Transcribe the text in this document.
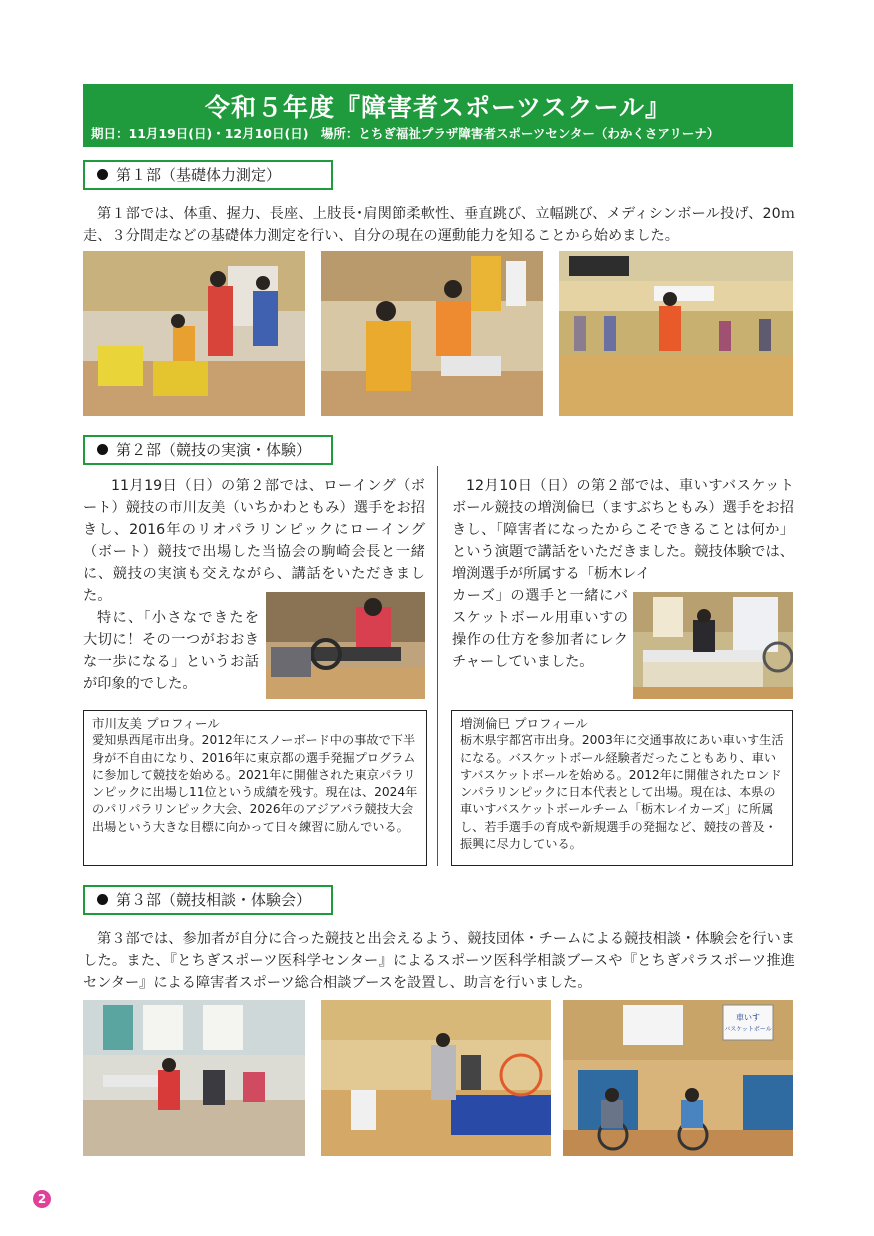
令和５年度『障害者スポーツスクール』
期日：11月19日(日)・12月10日(日)　場所：とちぎ福祉プラザ障害者スポーツセンター（わかくさアリーナ）
第１部（基礎体力測定）
第１部では、体重、握力、長座、上肢長･肩関節柔軟性、垂直跳び、立幅跳び、メディシンボール投げ、20ｍ走、３分間走などの基礎体力測定を行い、自分の現在の運動能力を知ることから始めました。
第２部（競技の実演・体験）
11月19日（日）の第２部では、ローイング（ボート）競技の市川友美（いちかわともみ）選手をお招きし、2016年のリオパラリンピックにローイング（ボート）競技で出場した当協会の駒崎会長と一緒に、競技の実演も交えながら、講話をいただきました。
特に、「小さなできたを大切に！その一つがおおきな一歩になる」というお話が印象的でした。
12月10日（日）の第２部では、車いすバスケットボール競技の増渕倫巳（ますぶちともみ）選手をお招きし、「障害者になったからこそできることは何か」という演題で講話をいただきました。競技体験では、増渕選手が所属する「栃木レイ
カーズ」の選手と一緒にバスケットボール用車いすの操作の仕方を参加者にレクチャーしていました。
市川友美 プロフィール
愛知県西尾市出身。2012年にスノーボード中の事故で下半身が不自由になり、2016年に東京都の選手発掘プログラムに参加して競技を始める。2021年に開催された東京パラリンピックに出場し11位という成績を残す。現在は、2024年のパリパラリンピック大会、2026年のアジアパラ競技大会出場という大きな目標に向かって日々練習に励んでいる。
増渕倫巳 プロフィール
栃木県宇都宮市出身。2003年に交通事故にあい車いす生活になる。バスケットボール経験者だったこともあり、車いすバスケットボールを始める。2012年に開催されたロンドンパラリンピックに日本代表として出場。現在は、本県の車いすバスケットボールチーム「栃木レイカーズ」に所属し、若手選手の育成や新規選手の発掘など、競技の普及・振興に尽力している。
第３部（競技相談・体験会）
第３部では、参加者が自分に合った競技と出会えるよう、競技団体・チームによる競技相談・体験会を行いました。また、『とちぎスポーツ医科学センター』によるスポーツ医科学相談ブースや『とちぎパラスポーツ推進センター』による障害者スポーツ総合相談ブースを設置し、助言を行いました。
車いす
バスケットボール
2
